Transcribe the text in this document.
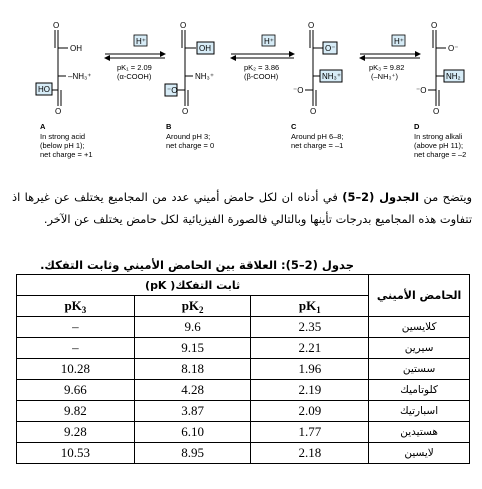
O
OH
–NH₃⁺
HO
O
O
OH
NH₃⁺
⁻O
O
O
O⁻
NH₃⁺
⁻O
O
O
O⁻
NH₂
⁻O
O
H⁺
pK₁ = 2.09
(α-COOH)
H⁺
pK₂ = 3.86
(β-COOH)
H⁺
pK₃ = 9.82
(–NH₃⁺)
A
In strong acid
(below pH 1);
net charge = +1
B
Around pH 3;
net charge = 0
C
Around pH 6–8;
net charge = –1
D
In strong alkali
(above pH 11);
net charge = –2
ويتضح من الجدول (2–5) في أدناه ان لكل حامض أميني عدد من المجاميع يختلف عن غيرها اذ تتفاوت هذه المجاميع بدرجات تأينها وبالتالي فالصورة الفيزيائية لكل حامض يختلف عن الآخر.
جدول (2–5): العلاقة بين الحامض الأميني وثابت التفكك.
الحامض الأميني	ثابت التفكك( pK)		
	$pK_1$	$pK_2$	$pK_3$
كلايسين	2.35	9.6	–
سيرين	2.21	9.15	–
سستين	1.96	8.18	10.28
كلوتاميك	2.19	4.28	9.66
اسبارتيك	2.09	3.87	9.82
هستيدين	1.77	6.10	9.28
لايسين	2.18	8.95	10.53
